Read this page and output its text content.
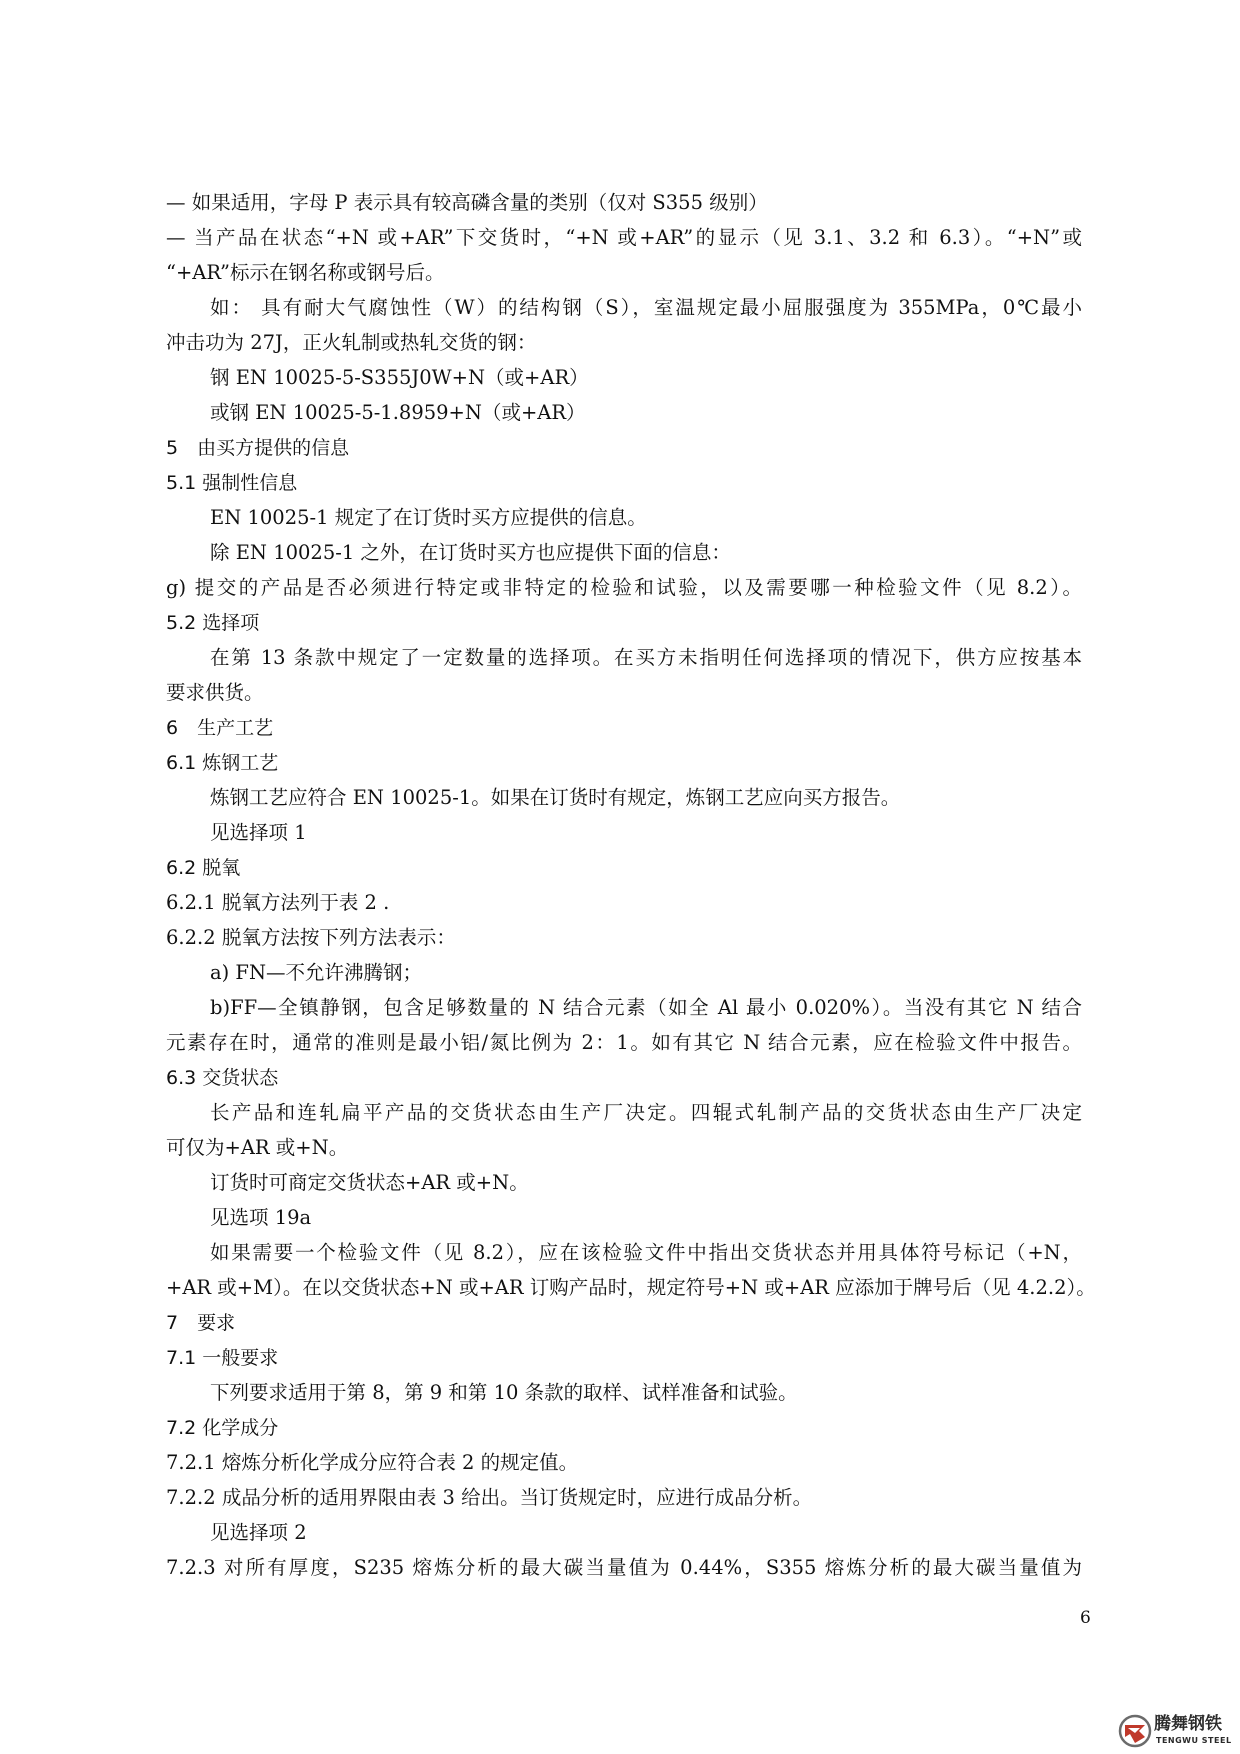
— 如果适用，字母 P 表示具有较高磷含量的类别（仅对 S355 级别）
— 当产品在状态“+N 或+AR”下交货时，“+N 或+AR”的显示（见 3.1、3.2 和 6.3）。“+N”或
“+AR”标示在钢名称或钢号后。
如： 具有耐大气腐蚀性（W）的结构钢（S），室温规定最小屈服强度为 355MPa，0℃最小
冲击功为 27J，正火轧制或热轧交货的钢：
钢 EN 10025-5-S355J0W+N（或+AR）
或钢 EN 10025-5-1.8959+N（或+AR）
5　由买方提供的信息
5.1 强制性信息
EN 10025-1 规定了在订货时买方应提供的信息。
除 EN 10025-1 之外，在订货时买方也应提供下面的信息：
g) 提交的产品是否必须进行特定或非特定的检验和试验，以及需要哪一种检验文件（见 8.2）。
5.2 选择项
在第 13 条款中规定了一定数量的选择项。在买方未指明任何选择项的情况下，供方应按基本
要求供货。
6　生产工艺
6.1 炼钢工艺
炼钢工艺应符合 EN 10025-1。如果在订货时有规定，炼钢工艺应向买方报告。
见选择项 1
6.2 脱氧
6.2.1 脱氧方法列于表 2 .
6.2.2 脱氧方法按下列方法表示：
a) FN—不允许沸腾钢；
b)FF—全镇静钢，包含足够数量的 N 结合元素（如全 Al 最小 0.020%）。当没有其它 N 结合
元素存在时，通常的准则是最小铝/氮比例为 2：1。如有其它 N 结合元素，应在检验文件中报告。
6.3 交货状态
长产品和连轧扁平产品的交货状态由生产厂决定。四辊式轧制产品的交货状态由生产厂决定
可仅为+AR 或+N。
订货时可商定交货状态+AR 或+N。
见选项 19a
如果需要一个检验文件（见 8.2），应在该检验文件中指出交货状态并用具体符号标记（+N，
+AR 或+M）。在以交货状态+N 或+AR 订购产品时，规定符号+N 或+AR 应添加于牌号后（见 4.2.2）。
7　要求
7.1 一般要求
下列要求适用于第 8，第 9 和第 10 条款的取样、试样准备和试验。
7.2 化学成分
7.2.1 熔炼分析化学成分应符合表 2 的规定值。
7.2.2 成品分析的适用界限由表 3 给出。当订货规定时，应进行成品分析。
见选择项 2
7.2.3 对所有厚度，S235 熔炼分析的最大碳当量值为 0.44%，S355 熔炼分析的最大碳当量值为
6
腾舞钢铁
TENGWU STEEL
